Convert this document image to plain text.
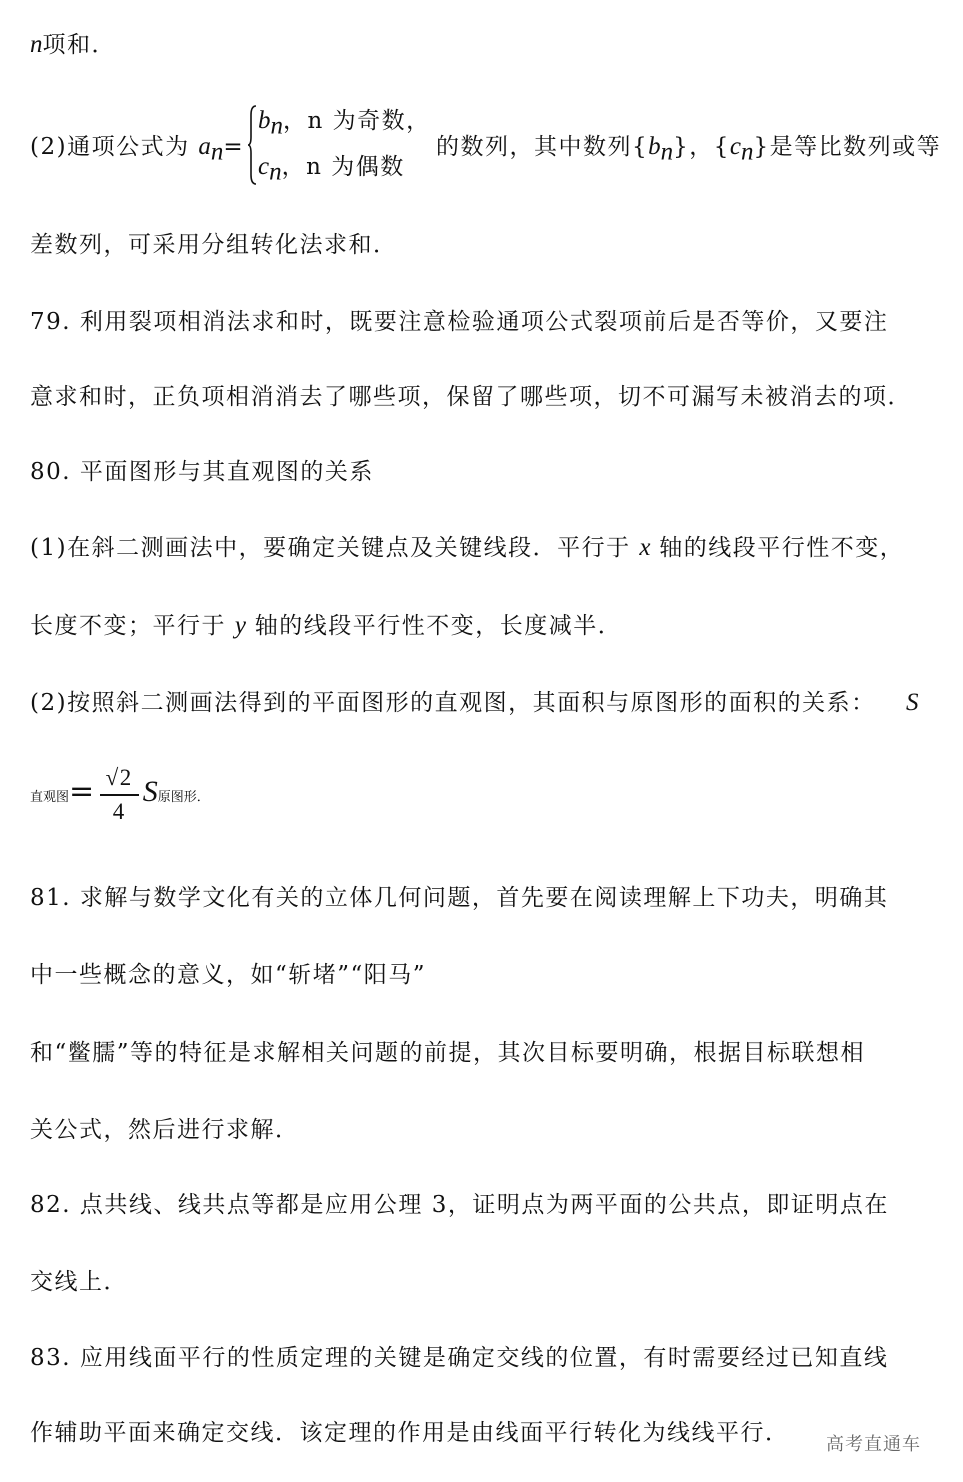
n项和．
(2)通项公式为 $a_n=$
$b_n$，n 为奇数，
$c_n$，n 为偶数
的数列，其中数列$\{b_n\}$，$\{c_n\}$是等比数列或等
差数列，可采用分组转化法求和．
79. 利用裂项相消法求和时，既要注意检验通项公式裂项前后是否等价，又要注
意求和时，正负项相消消去了哪些项，保留了哪些项，切不可漏写未被消去的项．
80. 平面图形与其直观图的关系
(1)在斜二测画法中，要确定关键点及关键线段．平行于 x 轴的线段平行性不变，
长度不变；平行于 y 轴的线段平行性不变，长度减半．
(2)按照斜二测画法得到的平面图形的直观图，其面积与原图形的面积的关系： S
直观图= $\frac{√2}{4}$ S原图形．
81. 求解与数学文化有关的立体几何问题，首先要在阅读理解上下功夫，明确其
中一些概念的意义，如“斩堵”“阳马”
和“鳖臑”等的特征是求解相关问题的前提，其次目标要明确，根据目标联想相
关公式，然后进行求解．
82. 点共线、线共点等都是应用公理 3，证明点为两平面的公共点，即证明点在
交线上．
83. 应用线面平行的性质定理的关键是确定交线的位置，有时需要经过已知直线
作辅助平面来确定交线．该定理的作用是由线面平行转化为线线平行． 高考直通车
